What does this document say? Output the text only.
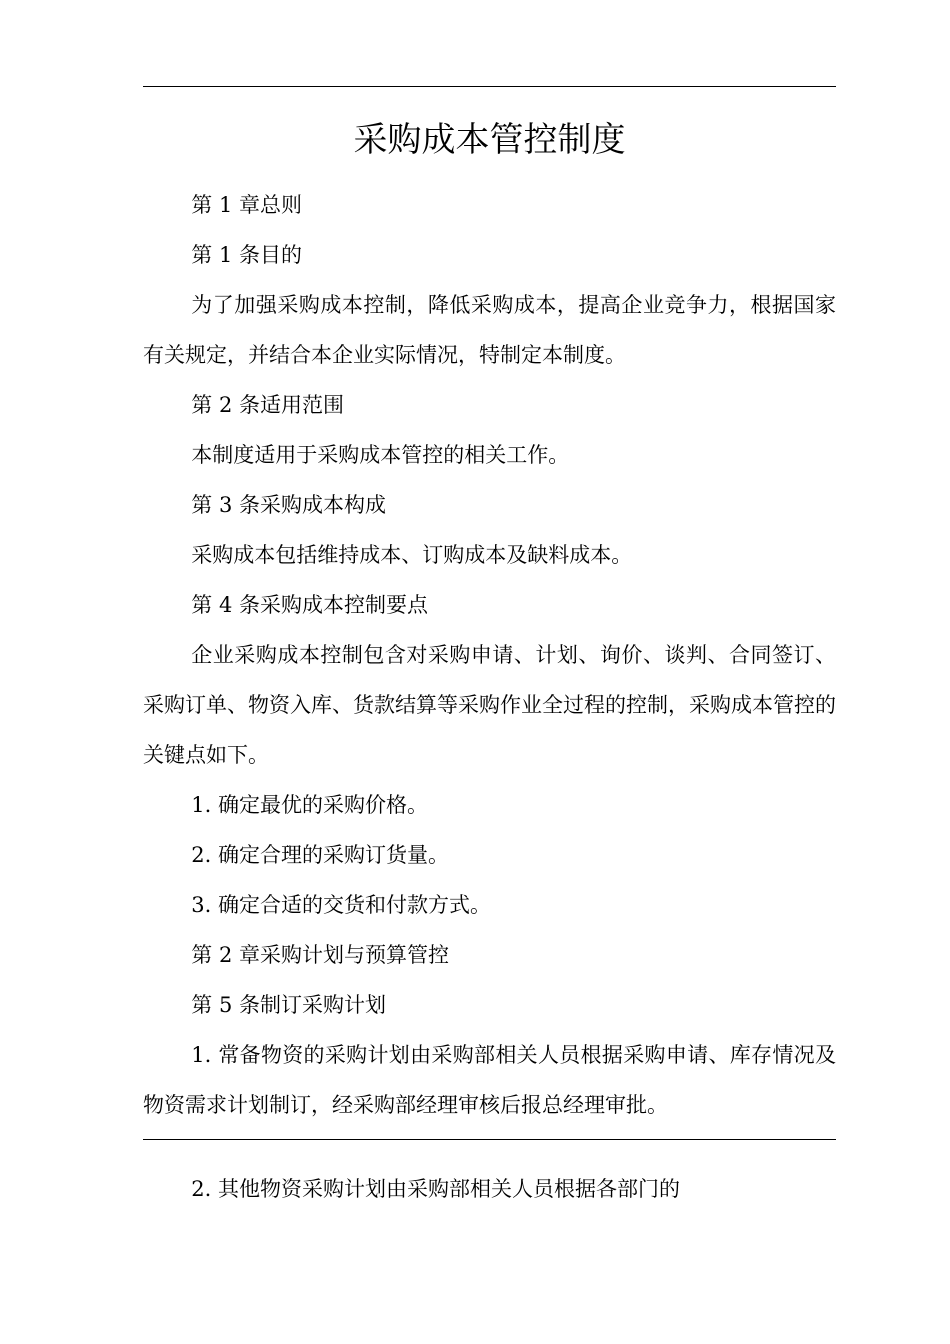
采购成本管控制度

第 1 章总则

第 1 条目的

为了加强采购成本控制，降低采购成本，提高企业竞争力，根据国家有关规定，并结合本企业实际情况，特制定本制度。

第 2 条适用范围

本制度适用于采购成本管控的相关工作。

第 3 条采购成本构成

采购成本包括维持成本、订购成本及缺料成本。

第 4 条采购成本控制要点

企业采购成本控制包含对采购申请、计划、询价、谈判、合同签订、采购订单、物资入库、货款结算等采购作业全过程的控制，采购成本管控的关键点如下。

1. 确定最优的采购价格。

2. 确定合理的采购订货量。

3. 确定合适的交货和付款方式。

第 2 章采购计划与预算管控

第 5 条制订采购计划

1. 常备物资的采购计划由采购部相关人员根据采购申请、库存情况及物资需求计划制订，经采购部经理审核后报总经理审批。

2. 其他物资采购计划由采购部相关人员根据各部门的
